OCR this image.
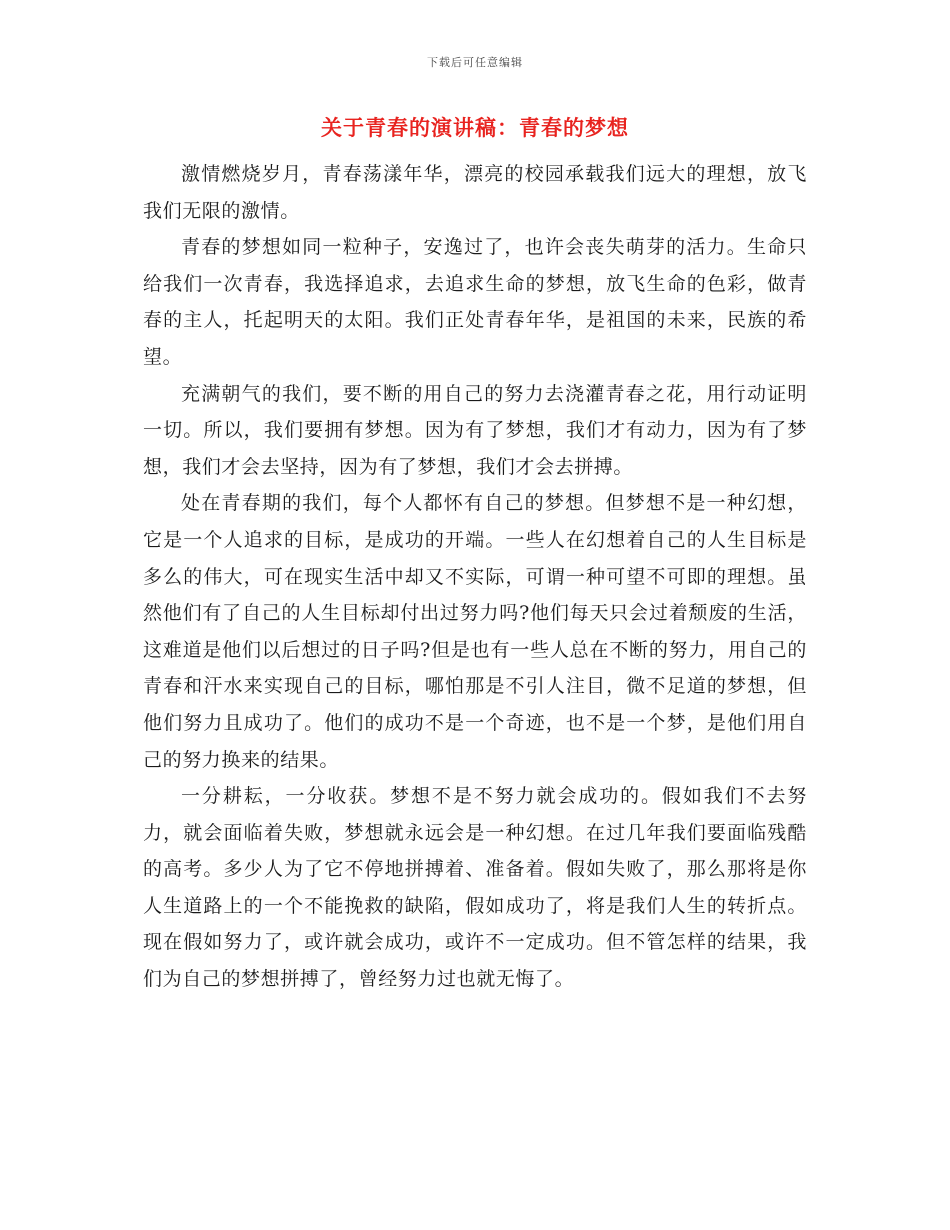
下载后可任意编辑
关于青春的演讲稿：青春的梦想

激情燃烧岁月，青春荡漾年华，漂亮的校园承载我们远大的理想，放飞我们无限的激情。

青春的梦想如同一粒种子，安逸过了，也许会丧失萌芽的活力。生命只给我们一次青春，我选择追求，去追求生命的梦想，放飞生命的色彩，做青春的主人，托起明天的太阳。我们正处青春年华，是祖国的未来，民族的希望。

充满朝气的我们，要不断的用自己的努力去浇灌青春之花，用行动证明一切。所以，我们要拥有梦想。因为有了梦想，我们才有动力，因为有了梦想，我们才会去坚持，因为有了梦想，我们才会去拼搏。

处在青春期的我们，每个人都怀有自己的梦想。但梦想不是一种幻想，它是一个人追求的目标，是成功的开端。一些人在幻想着自己的人生目标是多么的伟大，可在现实生活中却又不实际，可谓一种可望不可即的理想。虽然他们有了自己的人生目标却付出过努力吗?他们每天只会过着颓废的生活，这难道是他们以后想过的日子吗?但是也有一些人总在不断的努力，用自己的青春和汗水来实现自己的目标，哪怕那是不引人注目，微不足道的梦想，但他们努力且成功了。他们的成功不是一个奇迹，也不是一个梦，是他们用自己的努力换来的结果。

一分耕耘，一分收获。梦想不是不努力就会成功的。假如我们不去努力，就会面临着失败，梦想就永远会是一种幻想。在过几年我们要面临残酷的高考。多少人为了它不停地拼搏着、准备着。假如失败了，那么那将是你人生道路上的一个不能挽救的缺陷，假如成功了，将是我们人生的转折点。现在假如努力了，或许就会成功，或许不一定成功。但不管怎样的结果，我们为自己的梦想拼搏了，曾经努力过也就无悔了。
